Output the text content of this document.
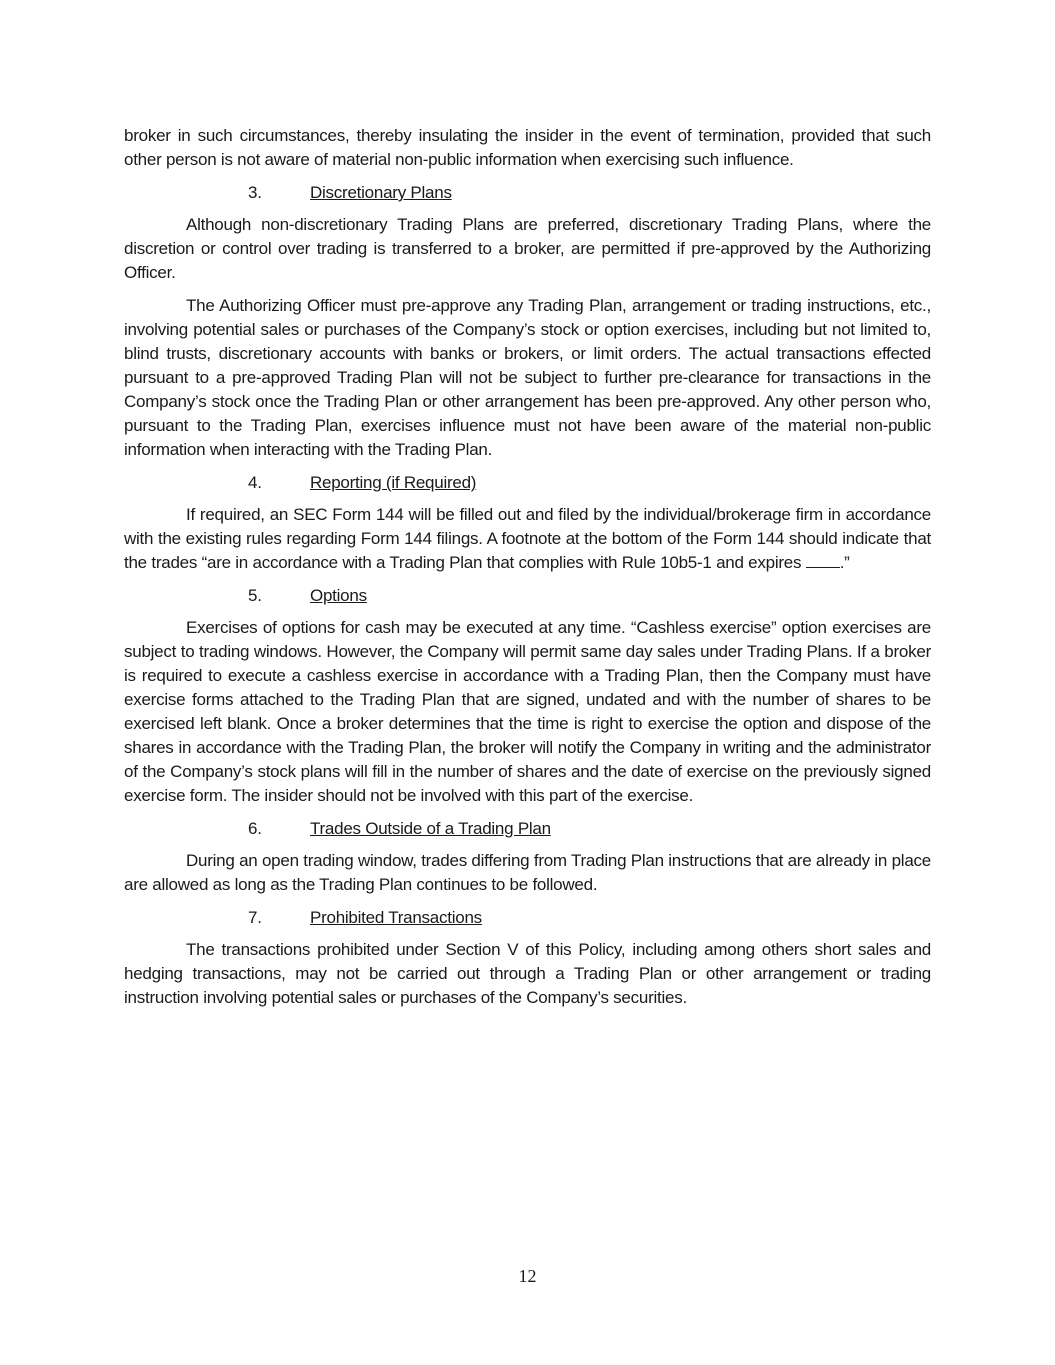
broker in such circumstances, thereby insulating the insider in the event of termination, provided that such other person is not aware of material non-public information when exercising such influence.

3.	Discretionary Plans

Although non-discretionary Trading Plans are preferred, discretionary Trading Plans, where the discretion or control over trading is transferred to a broker, are permitted if pre-approved by the Authorizing Officer.

The Authorizing Officer must pre-approve any Trading Plan, arrangement or trading instructions, etc., involving potential sales or purchases of the Company’s stock or option exercises, including but not limited to, blind trusts, discretionary accounts with banks or brokers, or limit orders. The actual transactions effected pursuant to a pre-approved Trading Plan will not be subject to further pre-clearance for transactions in the Company’s stock once the Trading Plan or other arrangement has been pre-approved. Any other person who, pursuant to the Trading Plan, exercises influence must not have been aware of the material non-public information when interacting with the Trading Plan.

4.	Reporting (if Required)

If required, an SEC Form 144 will be filled out and filed by the individual/brokerage firm in accordance with the existing rules regarding Form 144 filings. A footnote at the bottom of the Form 144 should indicate that the trades “are in accordance with a Trading Plan that complies with Rule 10b5-1 and expires .”

5.	Options

Exercises of options for cash may be executed at any time. “Cashless exercise” option exercises are subject to trading windows. However, the Company will permit same day sales under Trading Plans. If a broker is required to execute a cashless exercise in accordance with a Trading Plan, then the Company must have exercise forms attached to the Trading Plan that are signed, undated and with the number of shares to be exercised left blank. Once a broker determines that the time is right to exercise the option and dispose of the shares in accordance with the Trading Plan, the broker will notify the Company in writing and the administrator of the Company’s stock plans will fill in the number of shares and the date of exercise on the previously signed exercise form. The insider should not be involved with this part of the exercise.

6.	Trades Outside of a Trading Plan

During an open trading window, trades differing from Trading Plan instructions that are already in place are allowed as long as the Trading Plan continues to be followed.

7.	Prohibited Transactions

The transactions prohibited under Section V of this Policy, including among others short sales and hedging transactions, may not be carried out through a Trading Plan or other arrangement or trading instruction involving potential sales or purchases of the Company’s securities.

12
